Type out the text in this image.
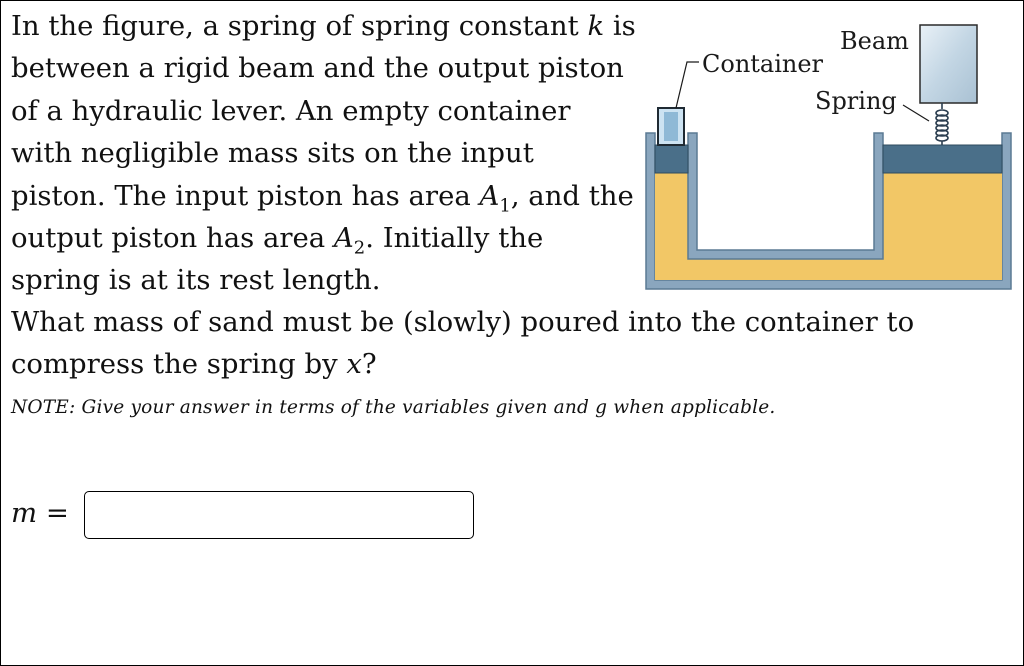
In the figure, a spring of spring constant k is between a rigid beam and the output piston of a hydraulic lever. An empty container with negligible mass sits on the input piston. The input piston has area $A_1$, and the output piston has area $A_2$. Initially the spring is at its rest length.

What mass of sand must be (slowly) poured into the container to compress the spring by x?

NOTE: Give your answer in terms of the variables given and g when applicable.
m =
Beam
Container
Spring
